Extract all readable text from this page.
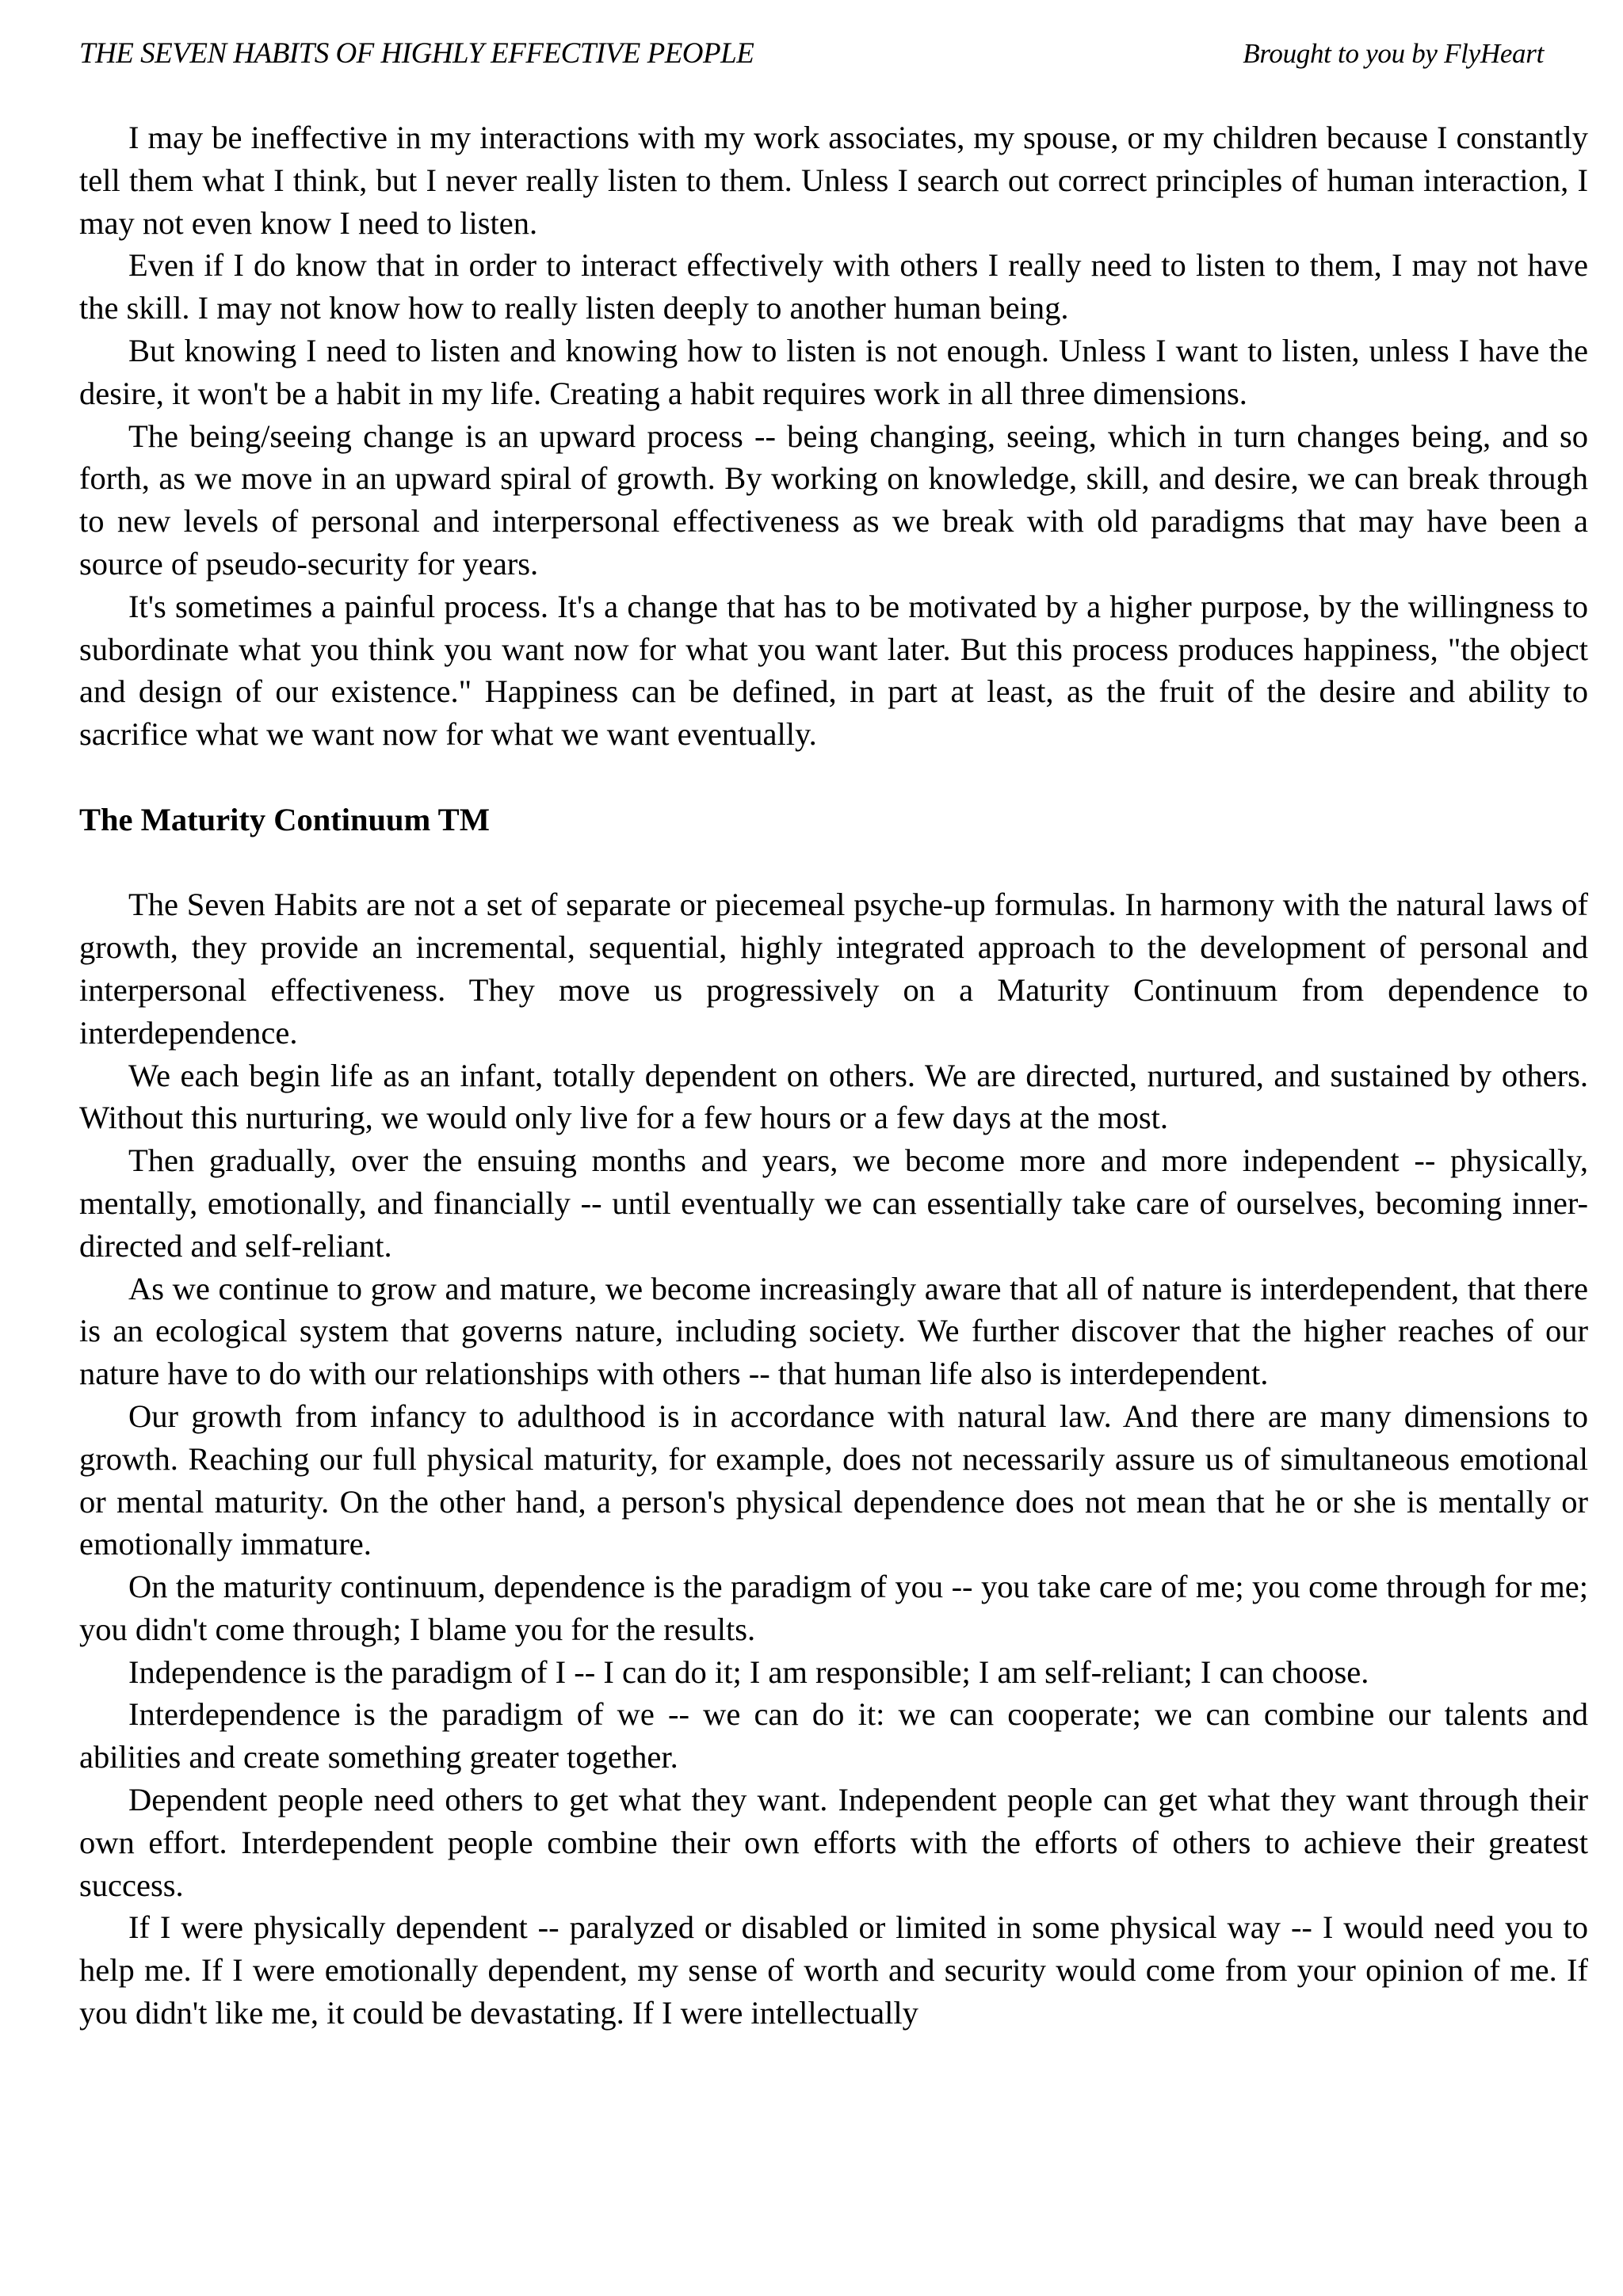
THE SEVEN HABITS OF HIGHLY EFFECTIVE PEOPLE	Brought to you by FlyHeart

I may be ineffective in my interactions with my work associates, my spouse, or my children because I constantly tell them what I think, but I never really listen to them. Unless I search out correct principles of human interaction, I may not even know I need to listen.

Even if I do know that in order to interact effectively with others I really need to listen to them, I may not have the skill. I may not know how to really listen deeply to another human being.

But knowing I need to listen and knowing how to listen is not enough. Unless I want to listen, unless I have the desire, it won't be a habit in my life. Creating a habit requires work in all three dimensions.

The being/seeing change is an upward process -- being changing, seeing, which in turn changes being, and so forth, as we move in an upward spiral of growth. By working on knowledge, skill, and desire, we can break through to new levels of personal and interpersonal effectiveness as we break with old paradigms that may have been a source of pseudo-security for years.

It's sometimes a painful process. It's a change that has to be motivated by a higher purpose, by the willingness to subordinate what you think you want now for what you want later. But this process produces happiness, "the object and design of our existence." Happiness can be defined, in part at least, as the fruit of the desire and ability to sacrifice what we want now for what we want eventually.

The Maturity Continuum TM

The Seven Habits are not a set of separate or piecemeal psyche-up formulas. In harmony with the natural laws of growth, they provide an incremental, sequential, highly integrated approach to the development of personal and interpersonal effectiveness. They move us progressively on a Maturity Continuum from dependence to interdependence.

We each begin life as an infant, totally dependent on others. We are directed, nurtured, and sustained by others. Without this nurturing, we would only live for a few hours or a few days at the most.

Then gradually, over the ensuing months and years, we become more and more independent -- physically, mentally, emotionally, and financially -- until eventually we can essentially take care of ourselves, becoming inner-directed and self-reliant.

As we continue to grow and mature, we become increasingly aware that all of nature is interdependent, that there is an ecological system that governs nature, including society. We further discover that the higher reaches of our nature have to do with our relationships with others -- that human life also is interdependent.

Our growth from infancy to adulthood is in accordance with natural law. And there are many dimensions to growth. Reaching our full physical maturity, for example, does not necessarily assure us of simultaneous emotional or mental maturity. On the other hand, a person's physical dependence does not mean that he or she is mentally or emotionally immature.

On the maturity continuum, dependence is the paradigm of you -- you take care of me; you come through for me; you didn't come through; I blame you for the results.

Independence is the paradigm of I -- I can do it; I am responsible; I am self-reliant; I can choose.

Interdependence is the paradigm of we -- we can do it: we can cooperate; we can combine our talents and abilities and create something greater together.

Dependent people need others to get what they want. Independent people can get what they want through their own effort. Interdependent people combine their own efforts with the efforts of others to achieve their greatest success.

If I were physically dependent -- paralyzed or disabled or limited in some physical way -- I would need you to help me. If I were emotionally dependent, my sense of worth and security would come from your opinion of me. If you didn't like me, it could be devastating. If I were intellectually
